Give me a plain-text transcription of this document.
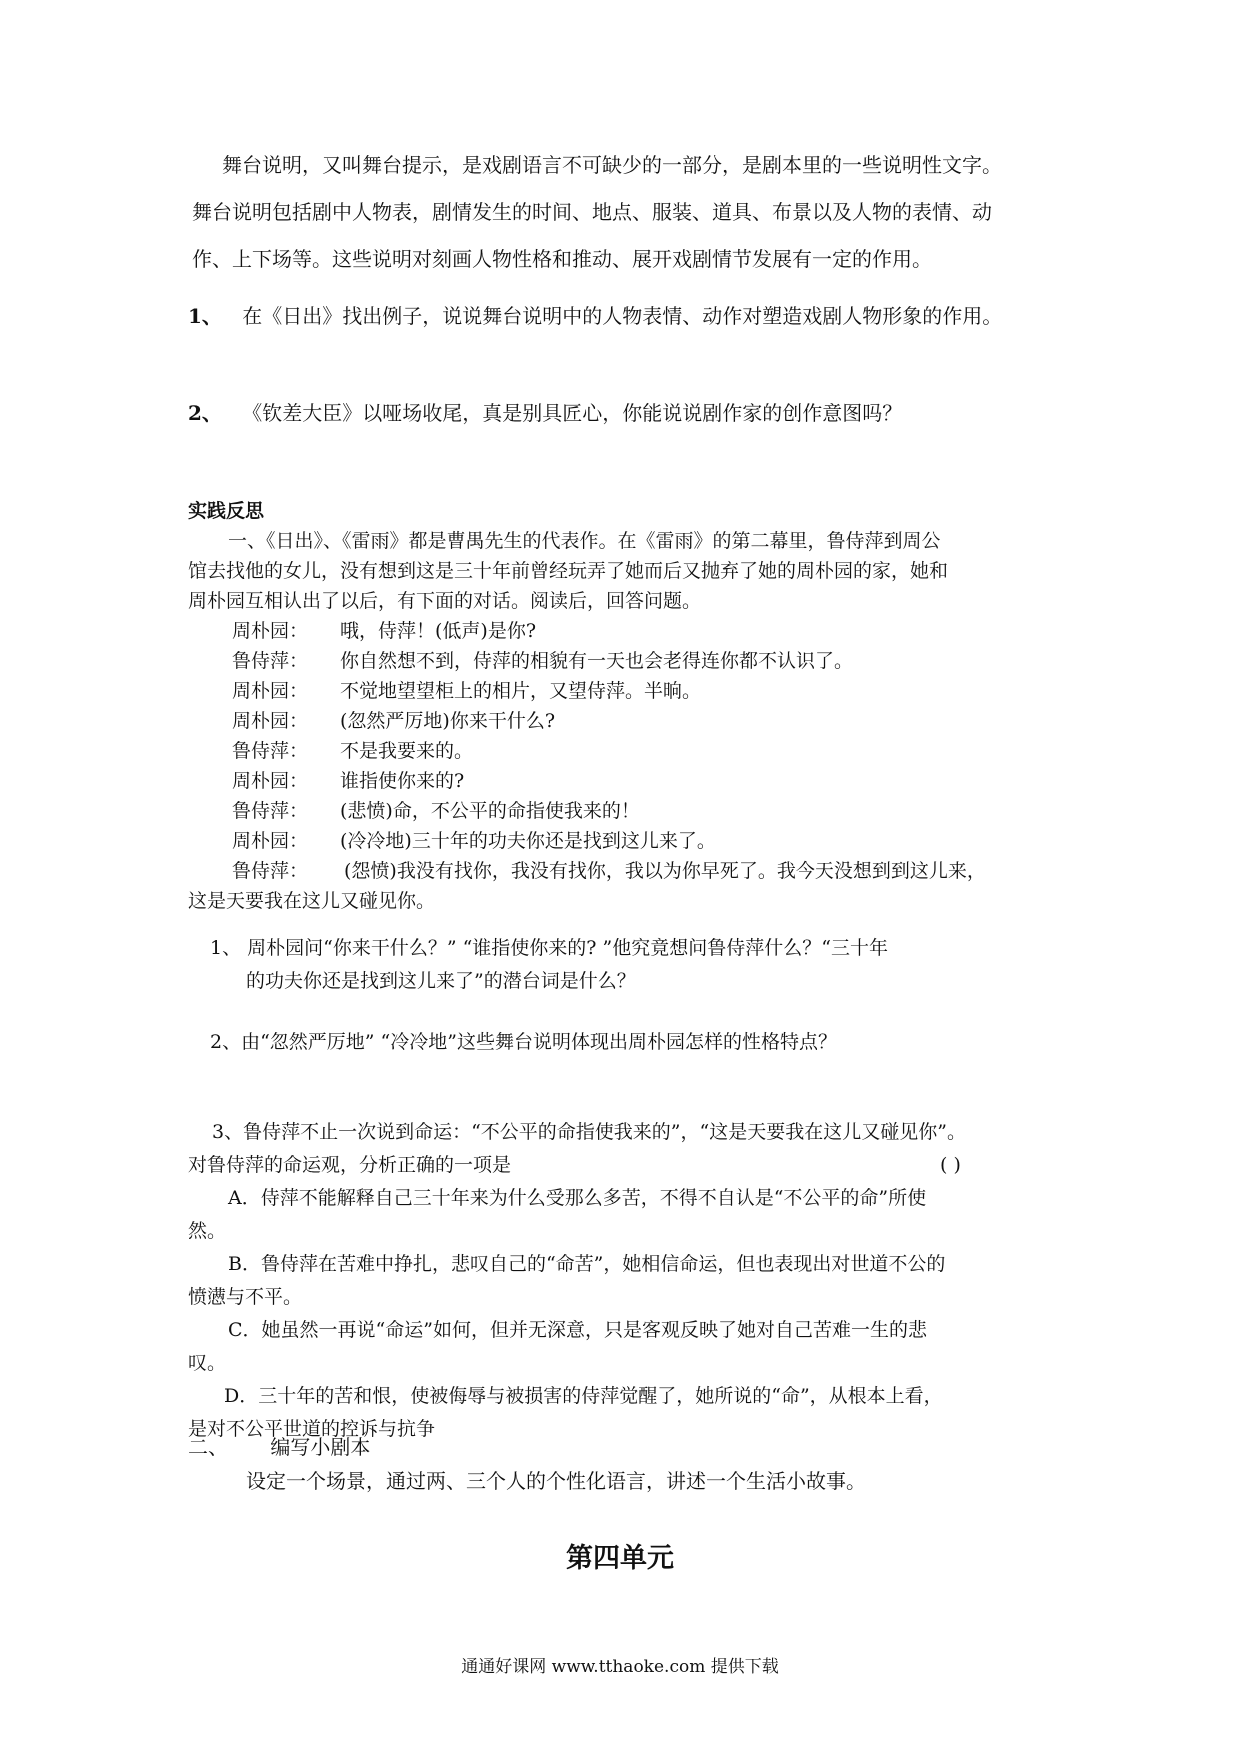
舞台说明，又叫舞台提示，是戏剧语言不可缺少的一部分，是剧本里的一些说明性文字。

舞台说明包括剧中人物表，剧情发生的时间、地点、服装、道具、布景以及人物的表情、动

作、上下场等。这些说明对刻画人物性格和推动、展开戏剧情节发展有一定的作用。

1、 在《日出》找出例子，说说舞台说明中的人物表情、动作对塑造戏剧人物形象的作用。
2、 《钦差大臣》以哑场收尾，真是别具匠心，你能说说剧作家的创作意图吗？
实践反思

一、《日出》、《雷雨》都是曹禺先生的代表作。在《雷雨》的第二幕里，鲁侍萍到周公

馆去找他的女儿，没有想到这是三十年前曾经玩弄了她而后又抛弃了她的周朴园的家，她和

周朴园互相认出了以后，有下面的对话。阅读后，回答问题。

周朴园： 哦，侍萍！(低声)是你?
鲁侍萍： 你自然想不到，侍萍的相貌有一天也会老得连你都不认识了。
周朴园： 不觉地望望柜上的相片，又望侍萍。半晌。
周朴园： (忽然严厉地)你来干什么?
鲁侍萍： 不是我要来的。
周朴园： 谁指使你来的?
鲁侍萍： (悲愤)命，不公平的命指使我来的！
周朴园： (冷冷地)三十年的功夫你还是找到这儿来了。

鲁侍萍： (怨愤)我没有找你，我没有找你，我以为你早死了。我今天没想到到这儿来，

这是天要我在这儿又碰见你。

1、 周朴园问“你来干什么？” “谁指使你来的? ”他究竟想问鲁侍萍什么？“三十年

的功夫你还是找到这儿来了”的潜台词是什么？

2、由“忽然严厉地” “冷冷地”这些舞台说明体现出周朴园怎样的性格特点？

3、鲁侍萍不止一次说到命运：“不公平的命指使我来的”，“这是天要我在这儿又碰见你”。

对鲁侍萍的命运观，分析正确的一项是	( )

A．侍萍不能解释自己三十年来为什么受那么多苦，不得不自认是“不公平的命”所使

然。

B．鲁侍萍在苦难中挣扎，悲叹自己的“命苦”，她相信命运，但也表现出对世道不公的

愤懑与不平。

C．她虽然一再说“命运”如何，但并无深意，只是客观反映了她对自己苦难一生的悲

叹。

D．三十年的苦和恨，使被侮辱与被损害的侍萍觉醒了，她所说的“命”，从根本上看，

是对不公平世道的控诉与抗争

二、 编写小剧本
设定一个场景，通过两、三个人的个性化语言，讲述一个生活小故事。
第四单元
通通好课网 www.tthaoke.com 提供下载
